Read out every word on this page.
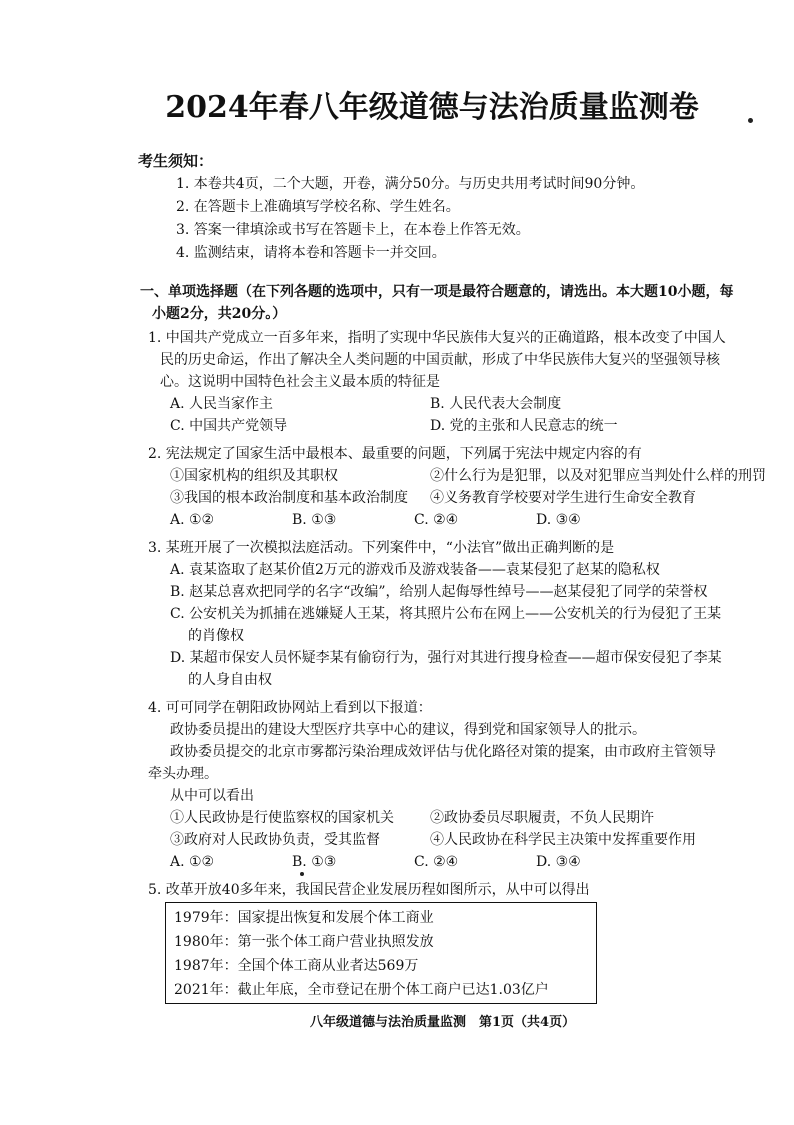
2024年春八年级道德与法治质量监测卷
考生须知：
1. 本卷共4页，二个大题，开卷，满分50分。与历史共用考试时间90分钟。
2. 在答题卡上准确填写学校名称、学生姓名。
3. 答案一律填涂或书写在答题卡上，在本卷上作答无效。
4. 监测结束，请将本卷和答题卡一并交回。
一、单项选择题（在下列各题的选项中，只有一项是最符合题意的，请选出。本大题10小题，每
小题2分，共20分。）
1. 中国共产党成立一百多年来，指明了实现中华民族伟大复兴的正确道路，根本改变了中国人
民的历史命运，作出了解决全人类问题的中国贡献，形成了中华民族伟大复兴的坚强领导核
心。这说明中国特色社会主义最本质的特征是
A. 人民当家作主	B. 人民代表大会制度
C. 中国共产党领导	D. 党的主张和人民意志的统一
2. 宪法规定了国家生活中最根本、最重要的问题，下列属于宪法中规定内容的有
①国家机构的组织及其职权	②什么行为是犯罪，以及对犯罪应当判处什么样的刑罚
③我国的根本政治制度和基本政治制度	④义务教育学校要对学生进行生命安全教育
A. ①②	B. ①③	C. ②④	D. ③④
3. 某班开展了一次模拟法庭活动。下列案件中，“小法官”做出正确判断的是
A. 袁某盗取了赵某价值2万元的游戏币及游戏装备——袁某侵犯了赵某的隐私权
B. 赵某总喜欢把同学的名字“改编”，给别人起侮辱性绰号——赵某侵犯了同学的荣誉权
C. 公安机关为抓捕在逃嫌疑人王某，将其照片公布在网上——公安机关的行为侵犯了王某
的肖像权
D. 某超市保安人员怀疑李某有偷窃行为，强行对其进行搜身检查——超市保安侵犯了李某
的人身自由权
4. 可可同学在朝阳政协网站上看到以下报道：
政协委员提出的建设大型医疗共享中心的建议，得到党和国家领导人的批示。
政协委员提交的北京市雾都污染治理成效评估与优化路径对策的提案，由市政府主管领导
牵头办理。
从中可以看出
①人民政协是行使监察权的国家机关	②政协委员尽职履责，不负人民期许
③政府对人民政协负责，受其监督	④人民政协在科学民主决策中发挥重要作用
A. ①②	B. ①③	C. ②④	D. ③④
5. 改革开放40多年来，我国民营企业发展历程如图所示，从中可以得出
1979年：国家提出恢复和发展个体工商业
1980年：第一张个体工商户营业执照发放
1987年：全国个体工商从业者达569万
2021年：截止年底，全市登记在册个体工商户已达1.03亿户
八年级道德与法治质量监测　第1页（共4页）
